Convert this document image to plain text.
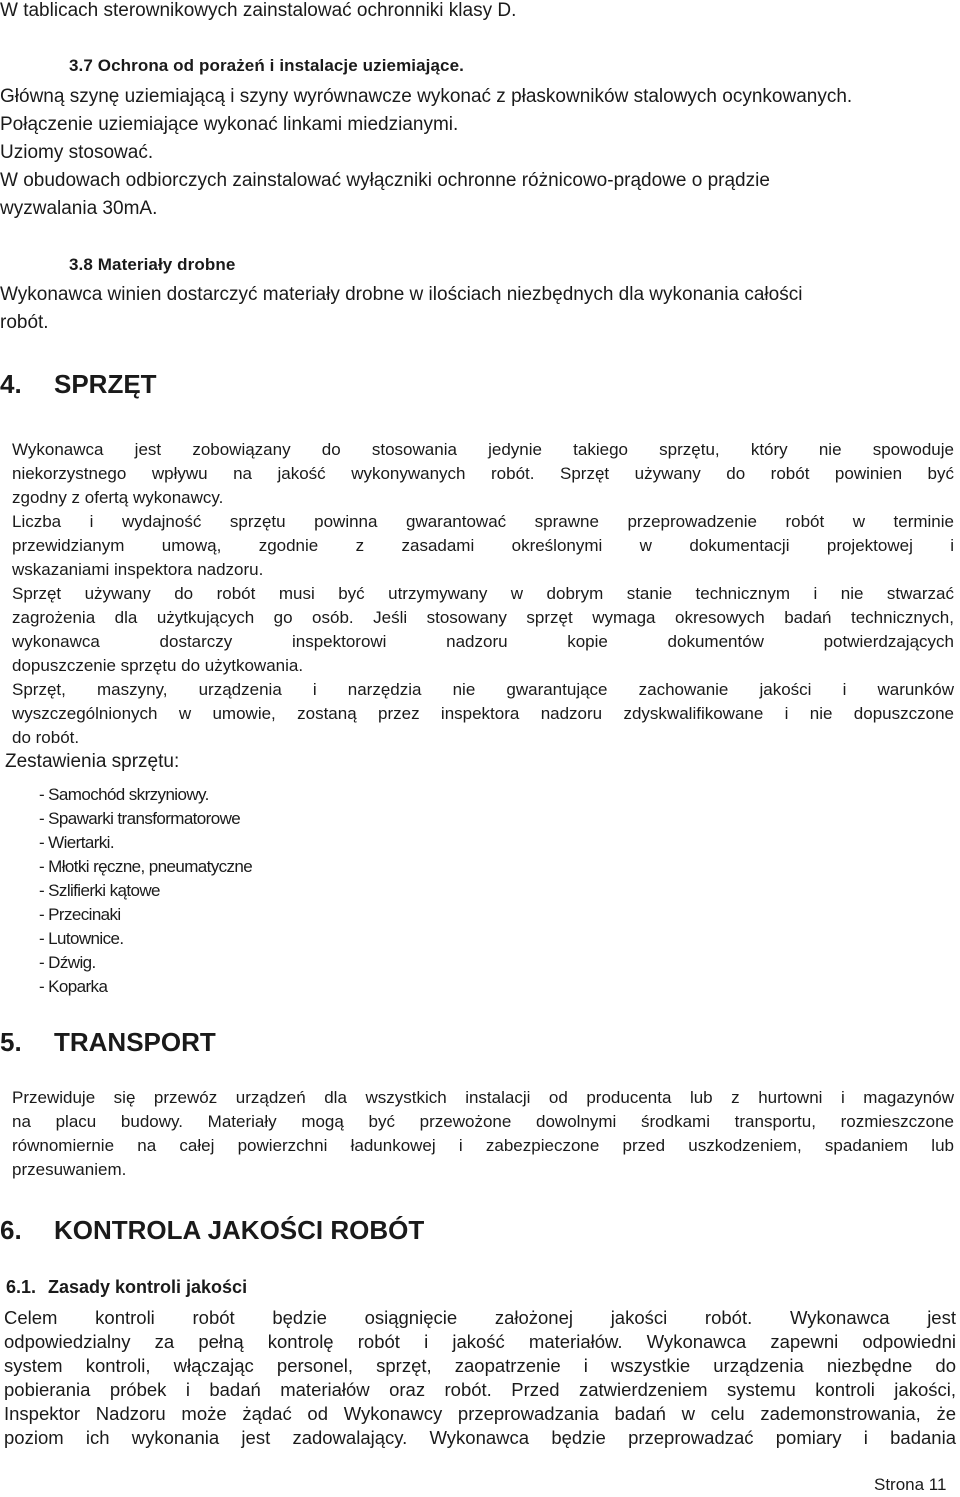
W tablicach sterownikowych zainstalować ochronniki klasy D.
3.7 Ochrona od porażeń i instalacje uziemiające.
Główną szynę uziemiającą i szyny wyrównawcze wykonać z płaskowników stalowych ocynkowanych.
Połączenie uziemiające wykonać linkami miedzianymi.
Uziomy stosować.
W obudowach odbiorczych zainstalować wyłączniki ochronne różnicowo-prądowe o prądzie
wyzwalania 30mA.
3.8 Materiały drobne
Wykonawca winien dostarczyć materiały drobne w ilościach niezbędnych dla wykonania całości
robót.
4. SPRZĘT
Wykonawca jest zobowiązany do stosowania jedynie takiego sprzętu, który nie spowoduje
niekorzystnego wpływu na jakość wykonywanych robót. Sprzęt używany do robót powinien być
zgodny z ofertą wykonawcy.
Liczba i wydajność sprzętu powinna gwarantować sprawne przeprowadzenie robót w terminie
przewidzianym umową, zgodnie z zasadami określonymi w dokumentacji projektowej i
wskazaniami inspektora nadzoru.
Sprzęt używany do robót musi być utrzymywany w dobrym stanie technicznym i nie stwarzać
zagrożenia dla użytkujących go osób. Jeśli stosowany sprzęt wymaga okresowych badań technicznych,
wykonawca dostarczy inspektorowi nadzoru kopie dokumentów potwierdzających
dopuszczenie sprzętu do użytkowania.
Sprzęt, maszyny, urządzenia i narzędzia nie gwarantujące zachowanie jakości i warunków
wyszczególnionych w umowie, zostaną przez inspektora nadzoru zdyskwalifikowane i nie dopuszczone
do robót.
Zestawienia sprzętu:
- Samochód skrzyniowy.
- Spawarki transformatorowe
- Wiertarki.
- Młotki ręczne, pneumatyczne
- Szlifierki kątowe
- Przecinaki
- Lutownice.
- Dźwig.
- Koparka
5. TRANSPORT
Przewiduje się przewóz urządzeń dla wszystkich instalacji od producenta lub z hurtowni i magazynów
na placu budowy. Materiały mogą być przewożone dowolnymi środkami transportu, rozmieszczone
równomiernie na całej powierzchni ładunkowej i zabezpieczone przed uszkodzeniem, spadaniem lub
przesuwaniem.
6. KONTROLA JAKOŚCI ROBÓT
6.1. Zasady kontroli jakości
Celem kontroli robót będzie osiągnięcie założonej jakości robót. Wykonawca jest
odpowiedzialny za pełną kontrolę robót i jakość materiałów. Wykonawca zapewni odpowiedni
system kontroli, włączając personel, sprzęt, zaopatrzenie i wszystkie urządzenia niezbędne do
pobierania próbek i badań materiałów oraz robót. Przed zatwierdzeniem systemu kontroli jakości,
Inspektor Nadzoru może żądać od Wykonawcy przeprowadzania badań w celu zademonstrowania, że
poziom ich wykonania jest zadowalający. Wykonawca będzie przeprowadzać pomiary i badania
Strona 11
